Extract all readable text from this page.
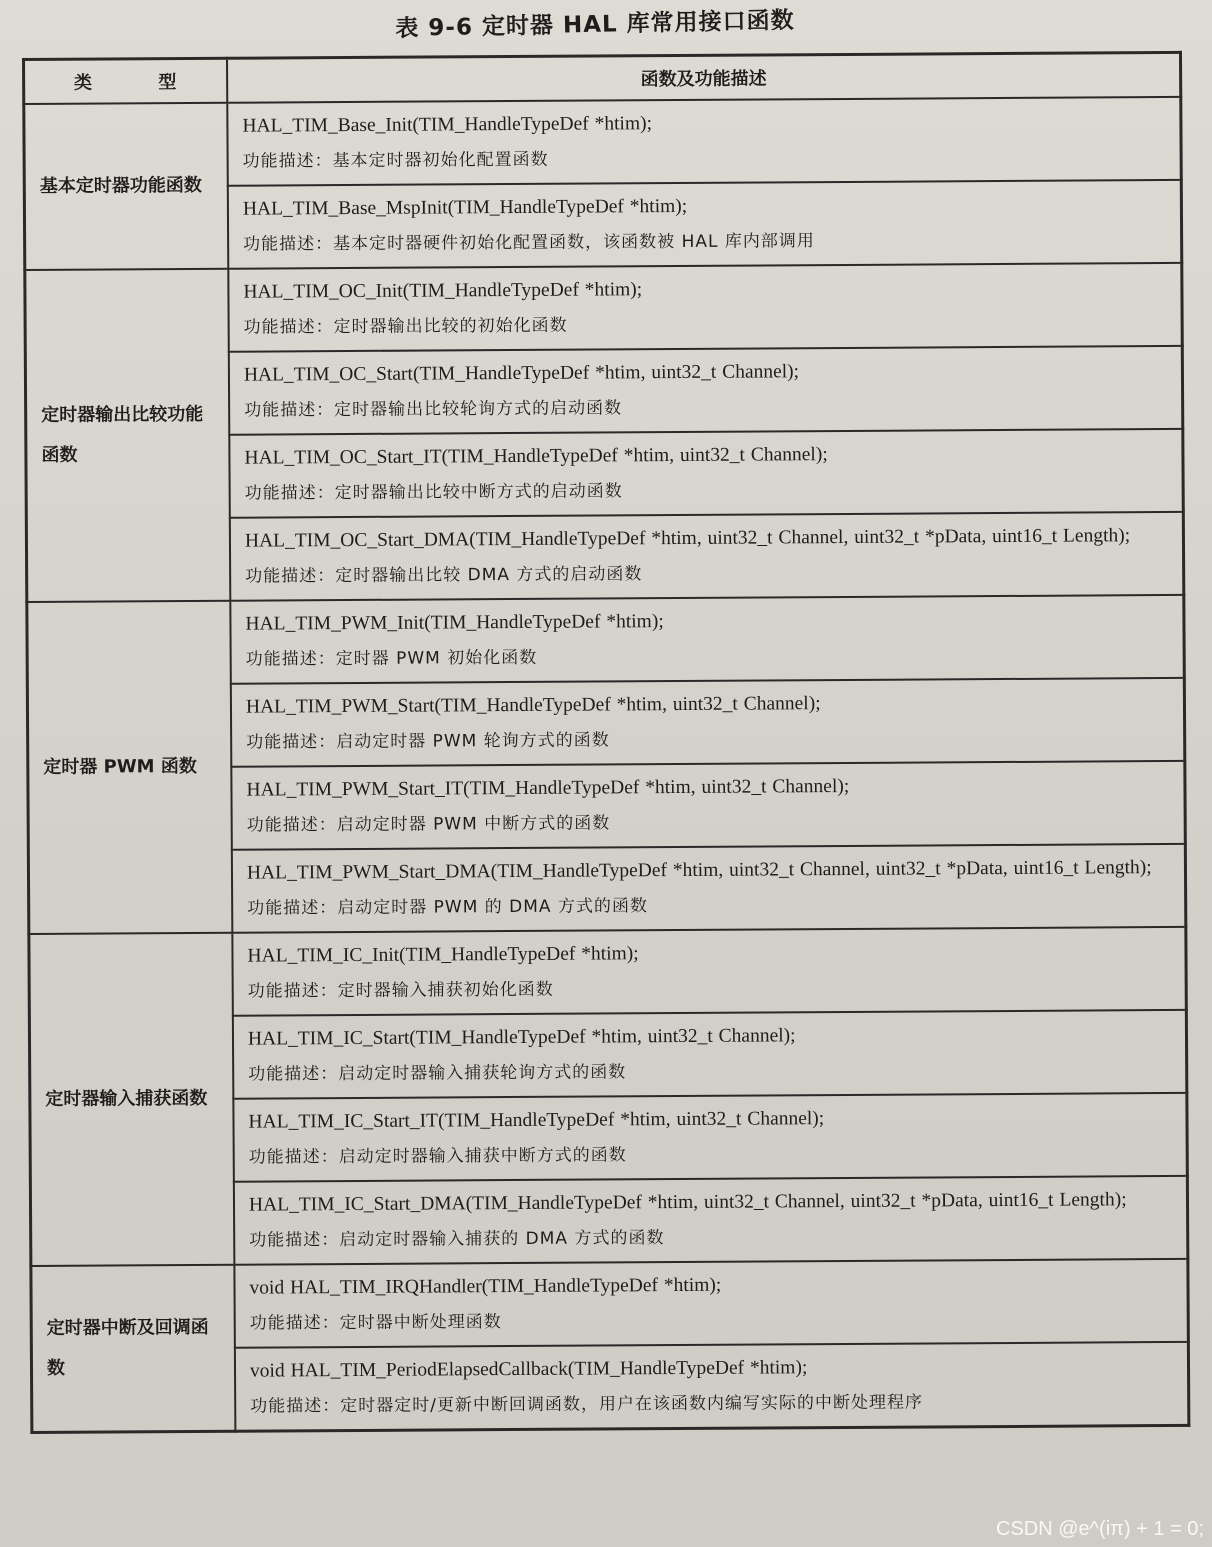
表 9-6 定时器 HAL 库常用接口函数
类 型	函数及功能描述
基本定时器功能函数	HAL_TIM_Base_Init(TIM_HandleTypeDef *htim);
功能描述：基本定时器初始化配置函数

	HAL_TIM_Base_MspInit(TIM_HandleTypeDef *htim);
功能描述：基本定时器硬件初始化配置函数，该函数被 HAL 库内部调用

定时器输出比较功能函数	HAL_TIM_OC_Init(TIM_HandleTypeDef *htim);
功能描述：定时器输出比较的初始化函数

	HAL_TIM_OC_Start(TIM_HandleTypeDef *htim, uint32_t Channel);
功能描述：定时器输出比较轮询方式的启动函数

	HAL_TIM_OC_Start_IT(TIM_HandleTypeDef *htim, uint32_t Channel);
功能描述：定时器输出比较中断方式的启动函数

	HAL_TIM_OC_Start_DMA(TIM_HandleTypeDef *htim, uint32_t Channel, uint32_t *pData, uint16_t Length);
功能描述：定时器输出比较 DMA 方式的启动函数

定时器 PWM 函数	HAL_TIM_PWM_Init(TIM_HandleTypeDef *htim);
功能描述：定时器 PWM 初始化函数

	HAL_TIM_PWM_Start(TIM_HandleTypeDef *htim, uint32_t Channel);
功能描述：启动定时器 PWM 轮询方式的函数

	HAL_TIM_PWM_Start_IT(TIM_HandleTypeDef *htim, uint32_t Channel);
功能描述：启动定时器 PWM 中断方式的函数

	HAL_TIM_PWM_Start_DMA(TIM_HandleTypeDef *htim, uint32_t Channel, uint32_t *pData, uint16_t Length);
功能描述：启动定时器 PWM 的 DMA 方式的函数

定时器输入捕获函数	HAL_TIM_IC_Init(TIM_HandleTypeDef *htim);
功能描述：定时器输入捕获初始化函数

	HAL_TIM_IC_Start(TIM_HandleTypeDef *htim, uint32_t Channel);
功能描述：启动定时器输入捕获轮询方式的函数

	HAL_TIM_IC_Start_IT(TIM_HandleTypeDef *htim, uint32_t Channel);
功能描述：启动定时器输入捕获中断方式的函数

	HAL_TIM_IC_Start_DMA(TIM_HandleTypeDef *htim, uint32_t Channel, uint32_t *pData, uint16_t Length);
功能描述：启动定时器输入捕获的 DMA 方式的函数

定时器中断及回调函数	void HAL_TIM_IRQHandler(TIM_HandleTypeDef *htim);
功能描述：定时器中断处理函数

	void HAL_TIM_PeriodElapsedCallback(TIM_HandleTypeDef *htim);
功能描述：定时器定时/更新中断回调函数，用户在该函数内编写实际的中断处理程序
CSDN @e^(iπ) + 1 = 0;
